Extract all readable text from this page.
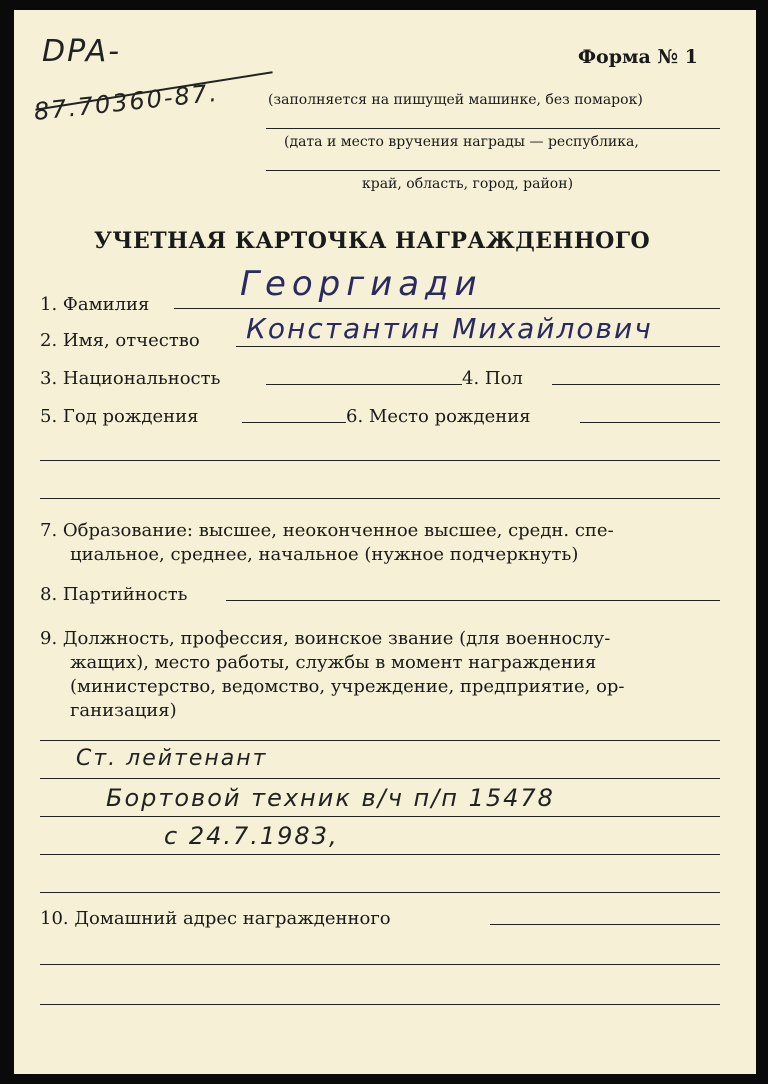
DPA-
87.70360-87.
Форма № 1
(заполняется на пишущей машинке, без помарок)
(дата и место вручения награды — республика,
край, область, город, район)
УЧЕТНАЯ КАРТОЧКА НАГРАЖДЕННОГО
1. Фамилия
Георгиади
2. Имя, отчество Константин Михайлович
3. Национальность	4. Пол
5. Год рождения	6. Место рождения
7. Образование: высшее, неоконченное высшее, средн. спе-
циальное, среднее, начальное (нужное подчеркнуть)
8. Партийность
9. Должность, профессия, воинское звание (для военнослу-
жащих), место работы, службы в момент награждения
(министерство, ведомство, учреждение, предприятие, ор-
ганизация)
Ст. лейтенант
Бортовой техник в/ч п/п 15478
с 24.7.1983,
10. Домашний адрес награжденного
